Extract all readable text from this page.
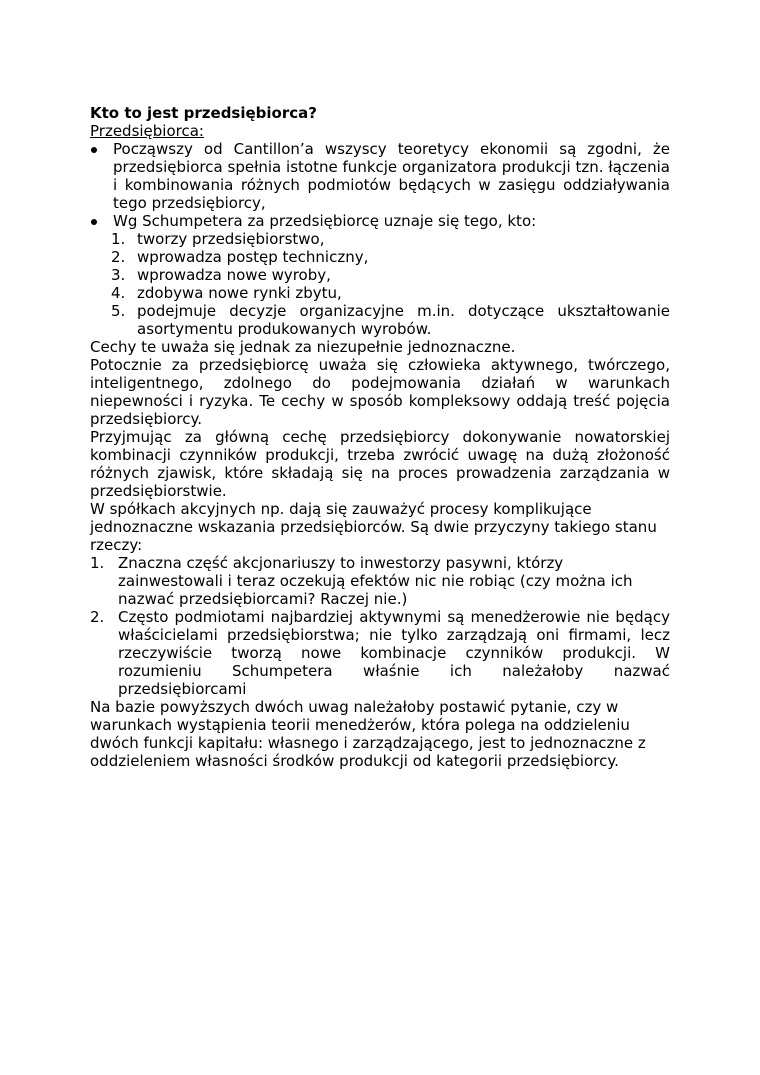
Kto to jest przedsiębiorca?

Przedsiębiorca:

Począwszy od Cantillon’a wszyscy teoretycy ekonomii są zgodni, że przedsiębiorca spełnia istotne funkcje organizatora produkcji tzn. łączenia i kombinowania różnych podmiotów będących w zasięgu oddziaływania tego przedsiębiorcy,
Wg Schumpetera za przedsiębiorcę uznaje się tego, kto:
1. tworzy przedsiębiorstwo,
2. wprowadza postęp techniczny,
3. wprowadza nowe wyroby,
4. zdobywa nowe rynki zbytu,
5. podejmuje decyzje organizacyjne m.in. dotyczące ukształtowanie asortymentu produkowanych wyrobów.

Cechy te uważa się jednak za niezupełnie jednoznaczne.

Potocznie za przedsiębiorcę uważa się człowieka aktywnego, twórczego, inteligentnego, zdolnego do podejmowania działań w warunkach niepewności i ryzyka. Te cechy w sposób kompleksowy oddają treść pojęcia przedsiębiorcy.

Przyjmując za główną cechę przedsiębiorcy dokonywanie nowatorskiej kombinacji czynników produkcji, trzeba zwrócić uwagę na dużą złożoność różnych zjawisk, które składają się na proces prowadzenia zarządzania w przedsiębiorstwie.

W spółkach akcyjnych np. dają się zauważyć procesy komplikujące jednoznaczne wskazania przedsiębiorców. Są dwie przyczyny takiego stanu rzeczy:

1. Znaczna część akcjonariuszy to inwestorzy pasywni, którzy zainwestowali i teraz oczekują efektów nic nie robiąc (czy można ich nazwać przedsiębiorcami? Raczej nie.)
2. Często podmiotami najbardziej aktywnymi są menedżerowie nie będący właścicielami przedsiębiorstwa; nie tylko zarządzają oni firmami, lecz rzeczywiście tworzą nowe kombinacje czynników produkcji. W rozumieniu Schumpetera właśnie ich należałoby nazwać przedsiębiorcami

Na bazie powyższych dwóch uwag należałoby postawić pytanie, czy w warunkach wystąpienia teorii menedżerów, która polega na oddzieleniu dwóch funkcji kapitału: własnego i zarządzającego, jest to jednoznaczne z oddzieleniem własności środków produkcji od kategorii przedsiębiorcy.
